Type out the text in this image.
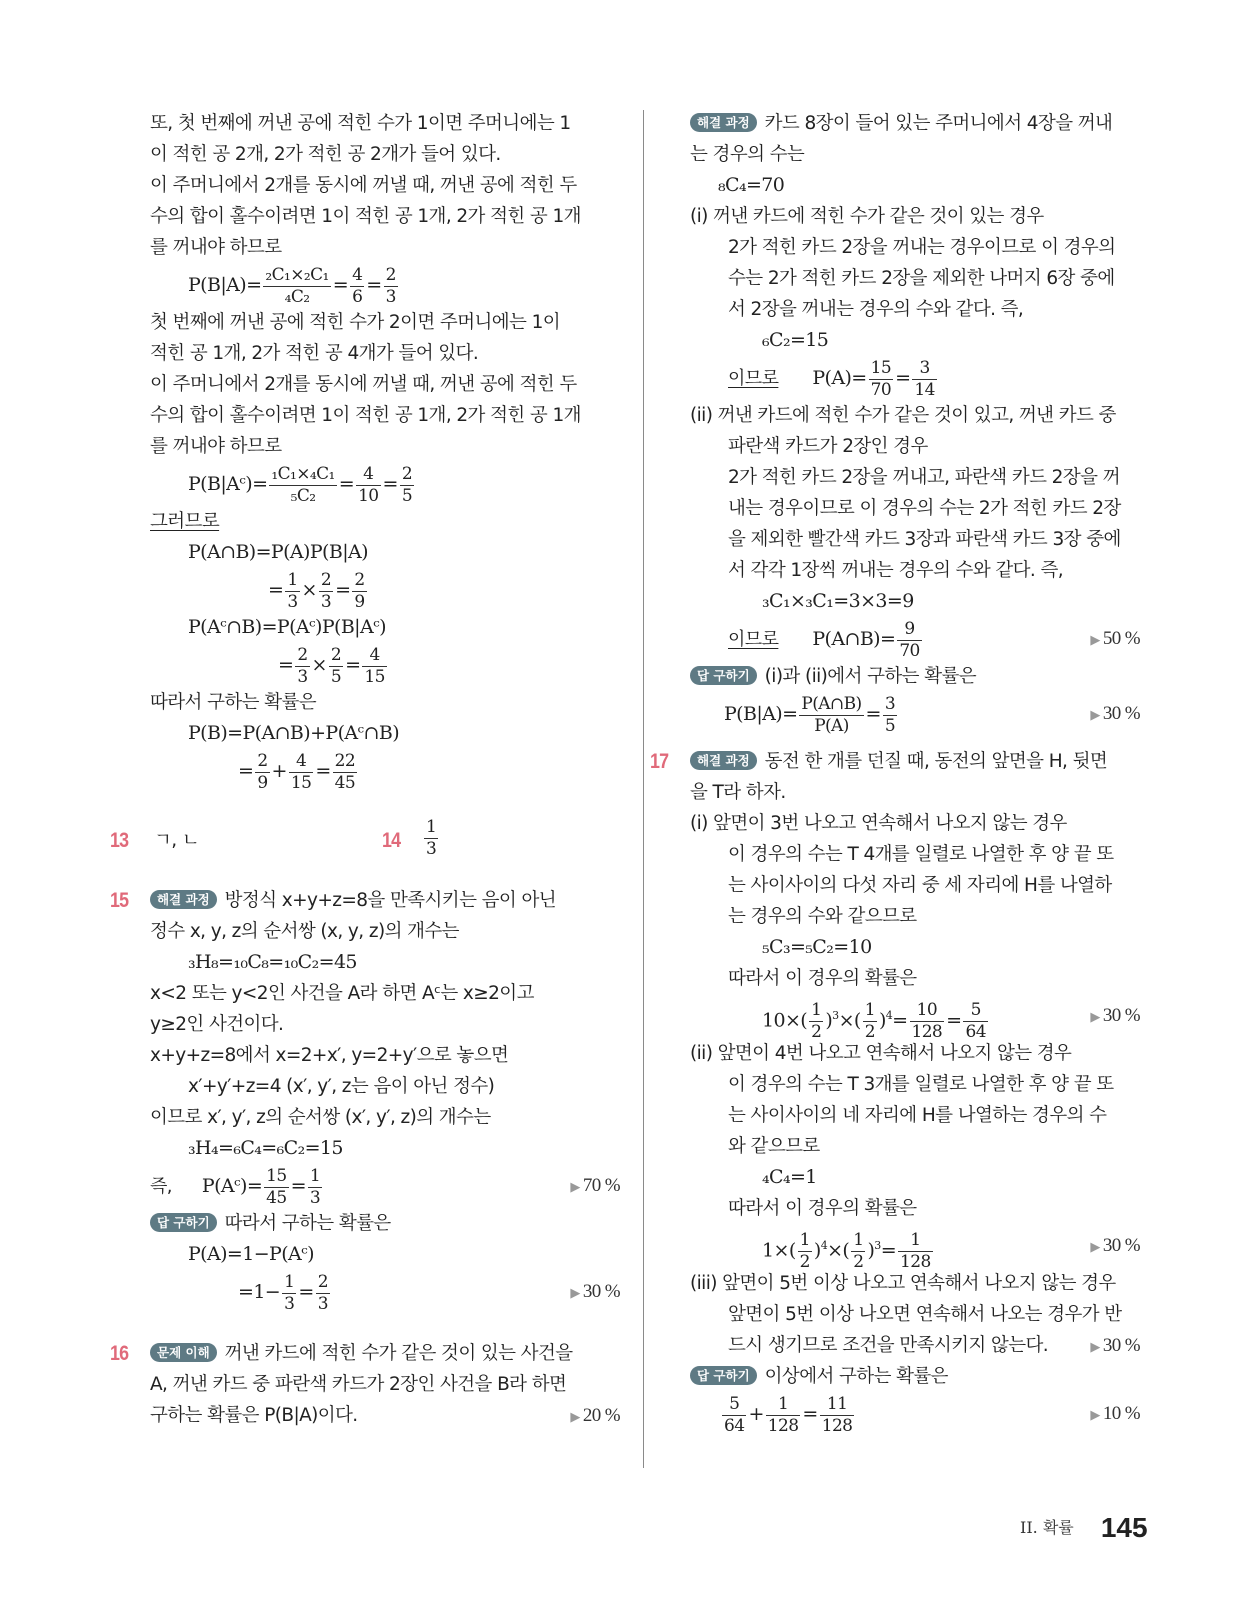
또, 첫 번째에 꺼낸 공에 적힌 수가 1이면 주머니에는 1
이 적힌 공 2개, 2가 적힌 공 2개가 들어 있다.
이 주머니에서 2개를 동시에 꺼낼 때, 꺼낸 공에 적힌 두
수의 합이 홀수이려면 1이 적힌 공 1개, 2가 적힌 공 1개
를 꺼내야 하므로
$P(B|A)= \frac{\text{₂C₁×₂C₁}}{\text{₄C₂}} = \frac{4}{6} = \frac{2}{3}$
첫 번째에 꺼낸 공에 적힌 수가 2이면 주머니에는 1이
적힌 공 1개, 2가 적힌 공 4개가 들어 있다.
이 주머니에서 2개를 동시에 꺼낼 때, 꺼낸 공에 적힌 두
수의 합이 홀수이려면 1이 적힌 공 1개, 2가 적힌 공 1개
를 꺼내야 하므로
P(B|Aᶜ)= $\frac{\text{₁C₁×₄C₁}}{\text{₅C₂}} = \frac{4}{10} = \frac{2}{5}$
그러므로
P(A∩B)=P(A)P(B|A)
= $\frac{1}{3} \times \frac{2}{3} = \frac{2}{9}$
P(Aᶜ∩B)=P(Aᶜ)P(B|Aᶜ)
= $\frac{2}{3} \times \frac{2}{5} = \frac{4}{15}$
따라서 구하는 확률은
P(B)=P(A∩B)+P(Aᶜ∩B)
= $\frac{2}{9} + \frac{4}{15} = \frac{22}{45}$
13 ㄱ, ㄴ	$14 \frac{1}{3}$
15 해결 과정 방정식 x+y+z=8을 만족시키는 음이 아닌
정수 x, y, z의 순서쌍 (x, y, z)의 개수는
₃H₈=₁₀C₈=₁₀C₂=45
x<2 또는 y<2인 사건을 A라 하면 Aᶜ는 x≥2이고
y≥2인 사건이다.
x+y+z=8에서 x=2+x′, y=2+y′으로 놓으면
x′+y′+z=4 (x′, y′, z는 음이 아닌 정수)
이므로 x′, y′, z의 순서쌍 (x′, y′, z)의 개수는
₃H₄=₆C₄=₆C₂=15
즉, P(Aᶜ)= $\frac{15}{45} = \frac{1}{3}$	▶ 70 %
답 구하기 따라서 구하는 확률은
P(A)=1−P(Aᶜ)
$=1- \frac{1}{3} = \frac{2}{3}$	▶ 30 %
16 문제 이해 꺼낸 카드에 적힌 수가 같은 것이 있는 사건을
A, 꺼낸 카드 중 파란색 카드가 2장인 사건을 B라 하면
구하는 확률은 P(B|A)이다.	▶ 20 %
해결 과정 카드 8장이 들어 있는 주머니에서 4장을 꺼내
는 경우의 수는
₈C₄=70
(i) 꺼낸 카드에 적힌 수가 같은 것이 있는 경우
2가 적힌 카드 2장을 꺼내는 경우이므로 이 경우의
수는 2가 적힌 카드 2장을 제외한 나머지 6장 중에
서 2장을 꺼내는 경우의 수와 같다. 즉,
₆C₂=15
이므로 $P(A)= \frac{15}{70} = \frac{3}{14}$
(ii) 꺼낸 카드에 적힌 수가 같은 것이 있고, 꺼낸 카드 중
파란색 카드가 2장인 경우
2가 적힌 카드 2장을 꺼내고, 파란색 카드 2장을 꺼
내는 경우이므로 이 경우의 수는 2가 적힌 카드 2장
을 제외한 빨간색 카드 3장과 파란색 카드 3장 중에
서 각각 1장씩 꺼내는 경우의 수와 같다. 즉,
₃C₁×₃C₁=3×3=9
이므로 P(A∩B)= $\frac{9}{70}$	▶ 50 %
답 구하기 (i)과 (ii)에서 구하는 확률은
$P(B|A)= \frac{P(A\cap B)}{P(A)} = \frac{3}{5}$	▶ 30 %
17 해결 과정 동전 한 개를 던질 때, 동전의 앞면을 H, 뒷면
을 T라 하자.
(i) 앞면이 3번 나오고 연속해서 나오지 않는 경우
이 경우의 수는 T 4개를 일렬로 나열한 후 양 끝 또
는 사이사이의 다섯 자리 중 세 자리에 H를 나열하
는 경우의 수와 같으므로
₅C₃=₅C₂=10
따라서 이 경우의 확률은
$10\times( \frac{1}{2} )^3\times( \frac{1}{2} )^4= \frac{10}{128} = \frac{5}{64}$	▶ 30 %
(ii) 앞면이 4번 나오고 연속해서 나오지 않는 경우
이 경우의 수는 T 3개를 일렬로 나열한 후 양 끝 또
는 사이사이의 네 자리에 H를 나열하는 경우의 수
와 같으므로
₄C₄=1
따라서 이 경우의 확률은
$1\times( \frac{1}{2} )^4\times( \frac{1}{2} )^3= \frac{1}{128}$	▶ 30 %
(iii) 앞면이 5번 이상 나오고 연속해서 나오지 않는 경우
앞면이 5번 이상 나오면 연속해서 나오는 경우가 반
드시 생기므로 조건을 만족시키지 않는다.	▶ 30 %
답 구하기 이상에서 구하는 확률은
$\frac{5}{64} + \frac{1}{128} = \frac{11}{128}$	▶ 10 %
II. 확률 145
